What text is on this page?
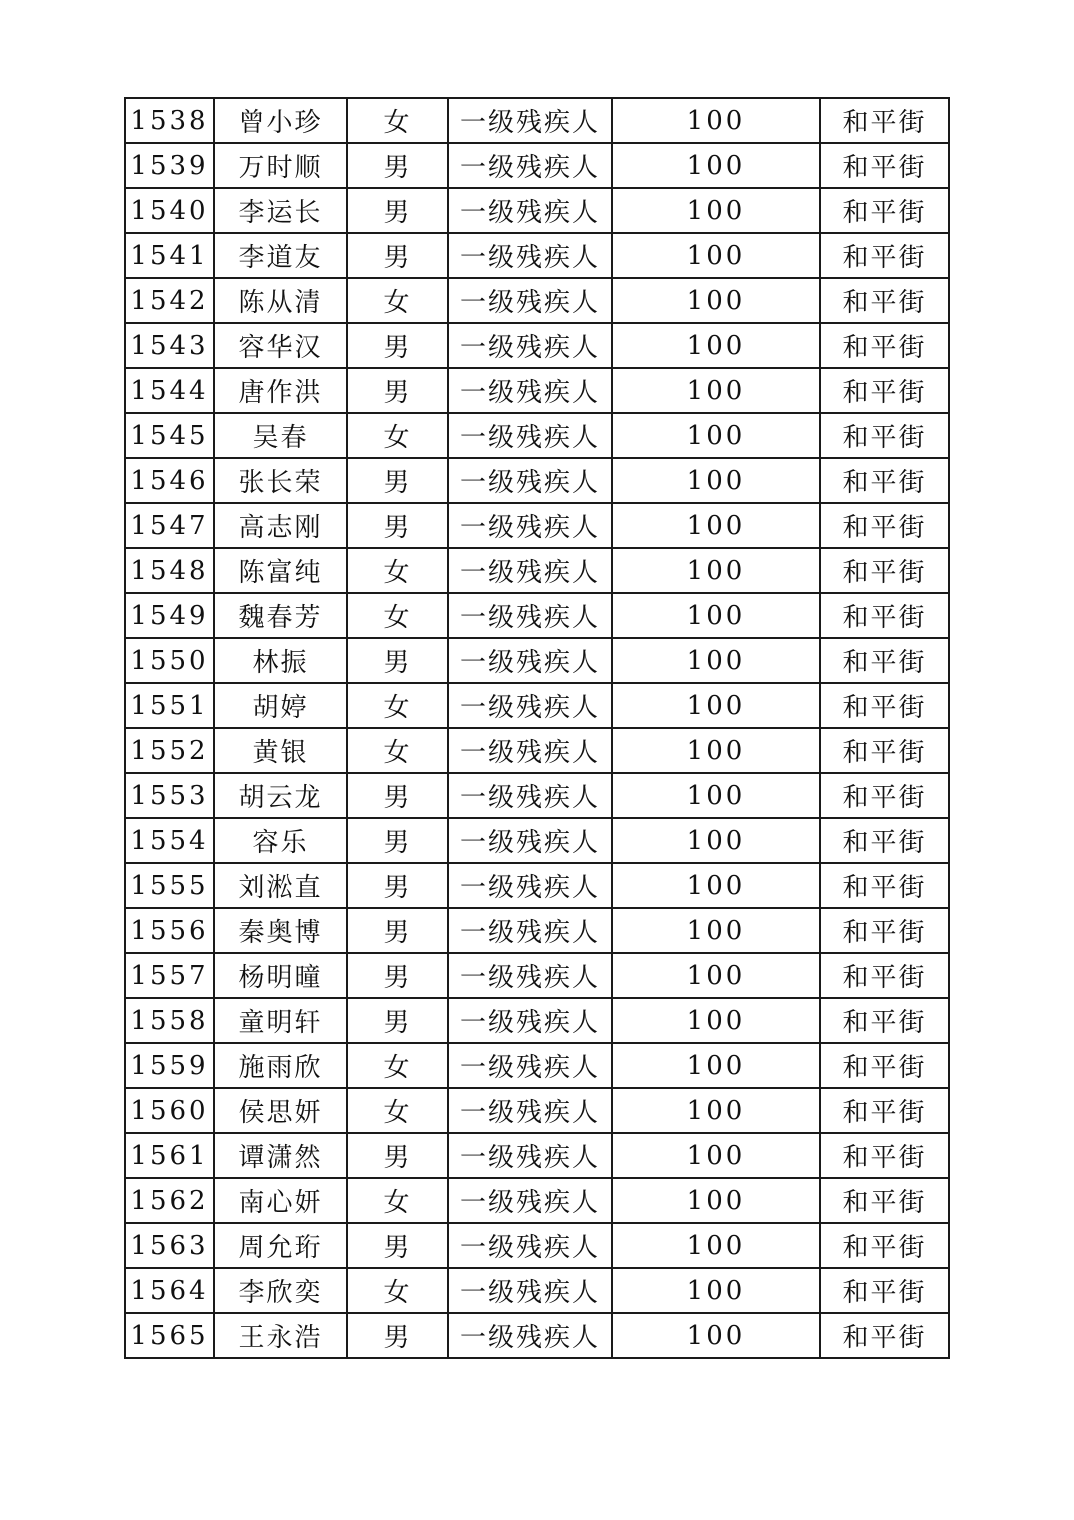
1538	曾小珍	女	一级残疾人	100	和平街
1539	万时顺	男	一级残疾人	100	和平街
1540	李运长	男	一级残疾人	100	和平街
1541	李道友	男	一级残疾人	100	和平街
1542	陈从清	女	一级残疾人	100	和平街
1543	容华汉	男	一级残疾人	100	和平街
1544	唐作洪	男	一级残疾人	100	和平街
1545	吴春	女	一级残疾人	100	和平街
1546	张长荣	男	一级残疾人	100	和平街
1547	高志刚	男	一级残疾人	100	和平街
1548	陈富纯	女	一级残疾人	100	和平街
1549	魏春芳	女	一级残疾人	100	和平街
1550	林振	男	一级残疾人	100	和平街
1551	胡婷	女	一级残疾人	100	和平街
1552	黄银	女	一级残疾人	100	和平街
1553	胡云龙	男	一级残疾人	100	和平街
1554	容乐	男	一级残疾人	100	和平街
1555	刘淞直	男	一级残疾人	100	和平街
1556	秦奥博	男	一级残疾人	100	和平街
1557	杨明曈	男	一级残疾人	100	和平街
1558	童明轩	男	一级残疾人	100	和平街
1559	施雨欣	女	一级残疾人	100	和平街
1560	侯思妍	女	一级残疾人	100	和平街
1561	谭潇然	男	一级残疾人	100	和平街
1562	南心妍	女	一级残疾人	100	和平街
1563	周允珩	男	一级残疾人	100	和平街
1564	李欣奕	女	一级残疾人	100	和平街
1565	王永浩	男	一级残疾人	100	和平街
